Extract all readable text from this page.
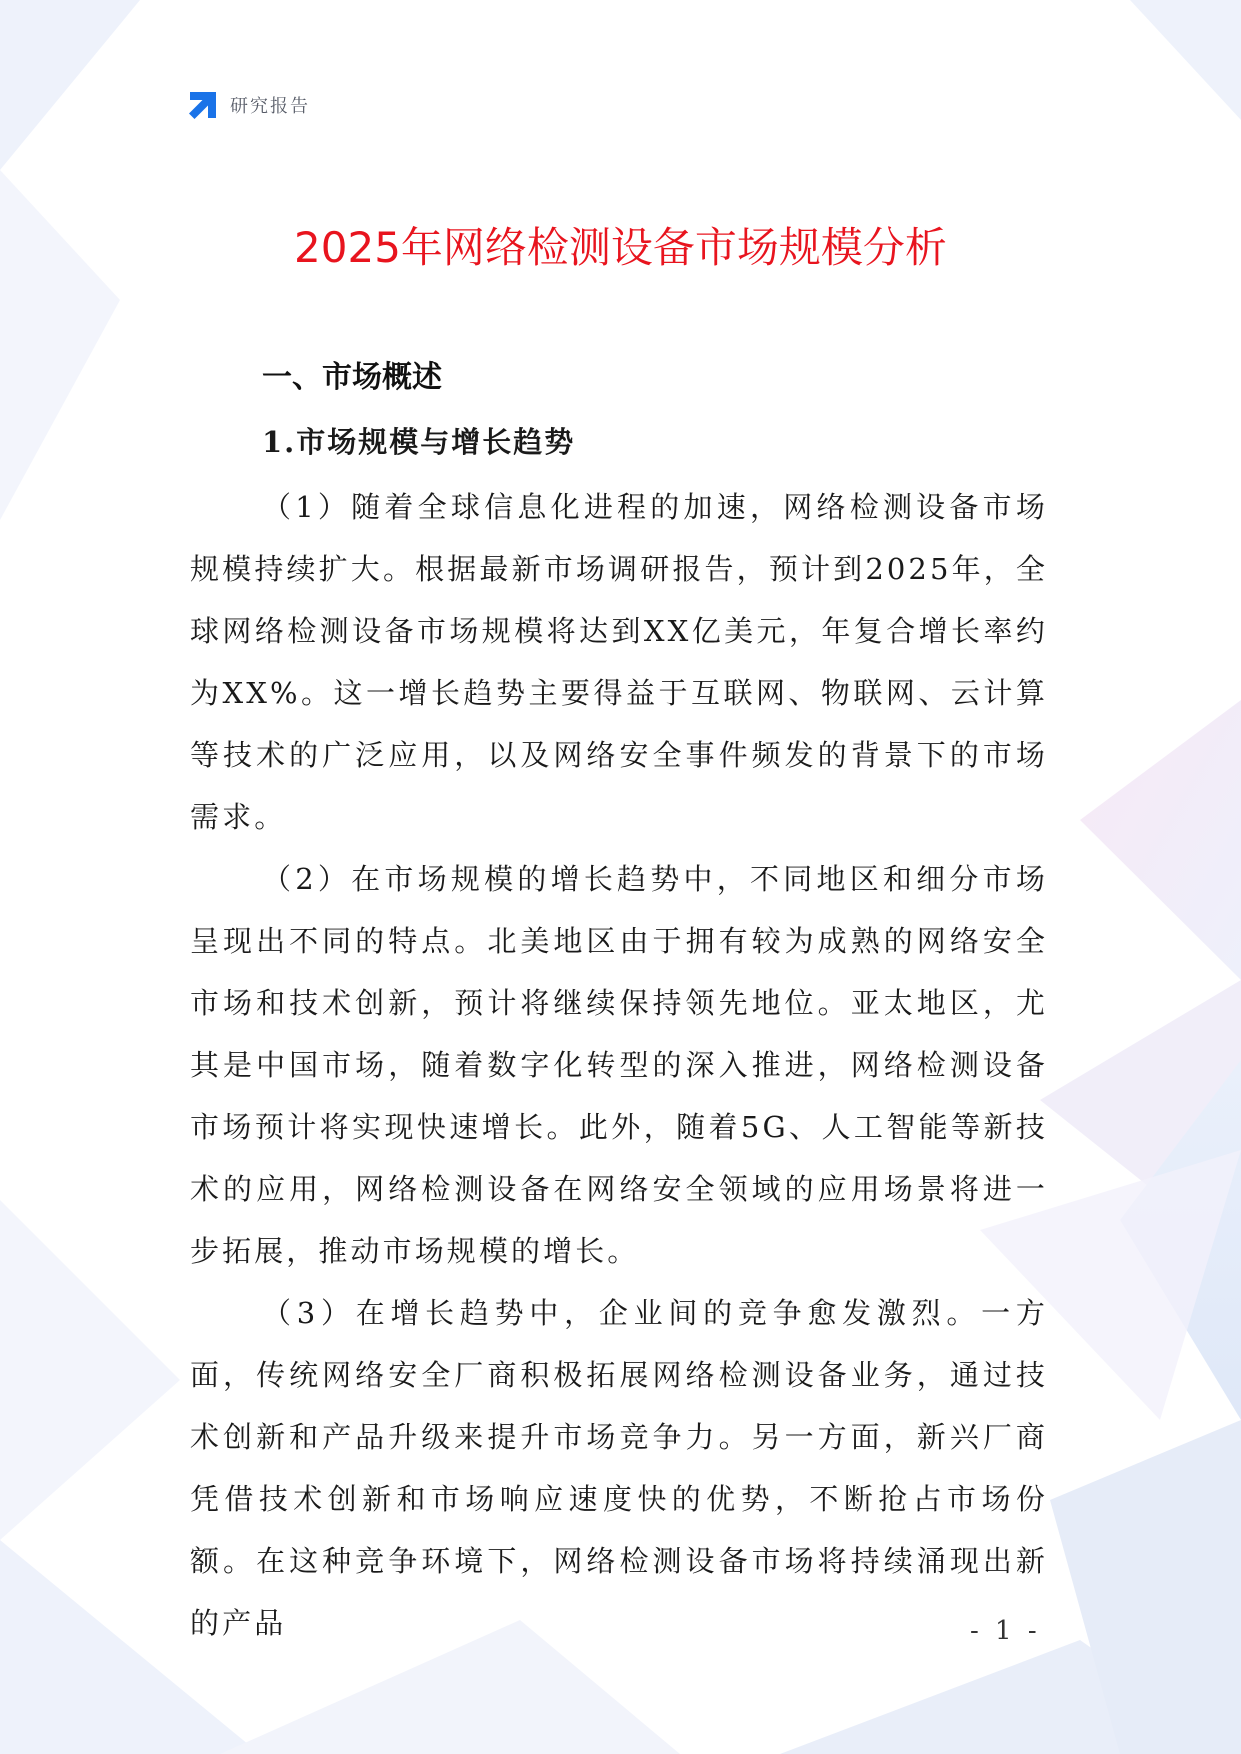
研究报告
2025年网络检测设备市场规模分析
一、市场概述
1.市场规模与增长趋势

（1）随着全球信息化进程的加速，网络检测设备市场规模持续扩大。根据最新市场调研报告，预计到2025年，全球网络检测设备市场规模将达到XX亿美元，年复合增长率约为XX%。这一增长趋势主要得益于互联网、物联网、云计算等技术的广泛应用，以及网络安全事件频发的背景下的市场需求。

（2）在市场规模的增长趋势中，不同地区和细分市场呈现出不同的特点。北美地区由于拥有较为成熟的网络安全市场和技术创新，预计将继续保持领先地位。亚太地区，尤其是中国市场，随着数字化转型的深入推进，网络检测设备市场预计将实现快速增长。此外，随着5G、人工智能等新技术的应用，网络检测设备在网络安全领域的应用场景将进一步拓展，推动市场规模的增长。

（3）在增长趋势中，企业间的竞争愈发激烈。一方面，传统网络安全厂商积极拓展网络检测设备业务，通过技术创新和产品升级来提升市场竞争力。另一方面，新兴厂商凭借技术创新和市场响应速度快的优势，不断抢占市场份额。在这种竞争环境下，网络检测设备市场将持续涌现出新的产品	- 1 -
